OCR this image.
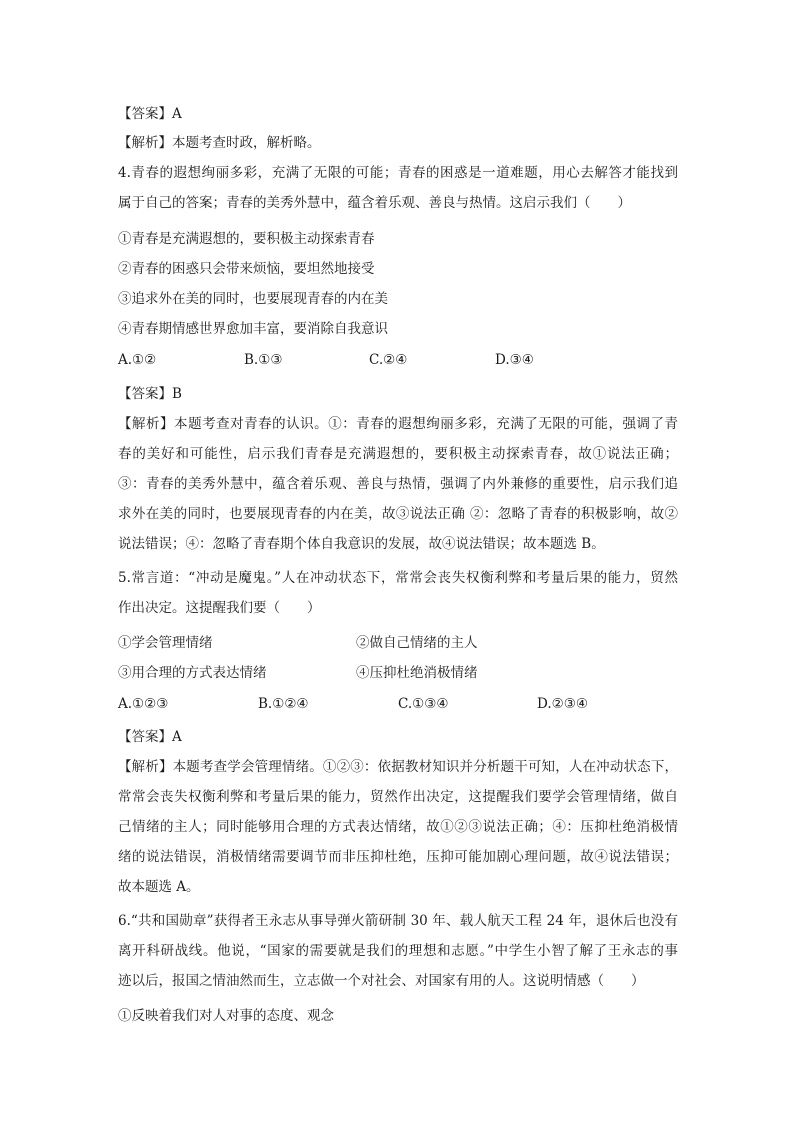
【答案】A
【解析】本题考查时政，解析略。
4.青春的遐想绚丽多彩，充满了无限的可能；青春的困惑是一道难题，用心去解答才能找到
属于自己的答案；青春的美秀外慧中，蕴含着乐观、善良与热情。这启示我们（　　）
①青春是充满遐想的，要积极主动探索青春
②青春的困惑只会带来烦恼，要坦然地接受
③追求外在美的同时，也要展现青春的内在美
④青春期情感世界愈加丰富，要消除自我意识
A.①②	B.①③	C.②④	D.③④
【答案】B
【解析】本题考查对青春的认识。①：青春的遐想绚丽多彩，充满了无限的可能，强调了青
春的美好和可能性，启示我们青春是充满遐想的，要积极主动探索青春，故①说法正确；
③：青春的美秀外慧中，蕴含着乐观、善良与热情，强调了内外兼修的重要性，启示我们追
求外在美的同时，也要展现青春的内在美，故③说法正确 ②：忽略了青春的积极影响，故②
说法错误；④：忽略了青春期个体自我意识的发展，故④说法错误；故本题选 B。
5.常言道：“冲动是魔鬼。”人在冲动状态下，常常会丧失权衡利弊和考量后果的能力，贸然
作出决定。这提醒我们要（　　）
①学会管理情绪	②做自己情绪的主人
③用合理的方式表达情绪	④压抑杜绝消极情绪
A.①②③	B.①②④	C.①③④	D.②③④
【答案】A
【解析】本题考查学会管理情绪。①②③：依据教材知识并分析题干可知，人在冲动状态下，
常常会丧失权衡利弊和考量后果的能力，贸然作出决定，这提醒我们要学会管理情绪，做自
己情绪的主人；同时能够用合理的方式表达情绪，故①②③说法正确；④：压抑杜绝消极情
绪的说法错误，消极情绪需要调节而非压抑杜绝，压抑可能加剧心理问题，故④说法错误；
故本题选 A。
6.“共和国勋章”获得者王永志从事导弹火箭研制 30 年、载人航天工程 24 年，退休后也没有
离开科研战线。他说，“国家的需要就是我们的理想和志愿。”中学生小智了解了王永志的事
迹以后，报国之情油然而生，立志做一个对社会、对国家有用的人。这说明情感（　　）
①反映着我们对人对事的态度、观念
